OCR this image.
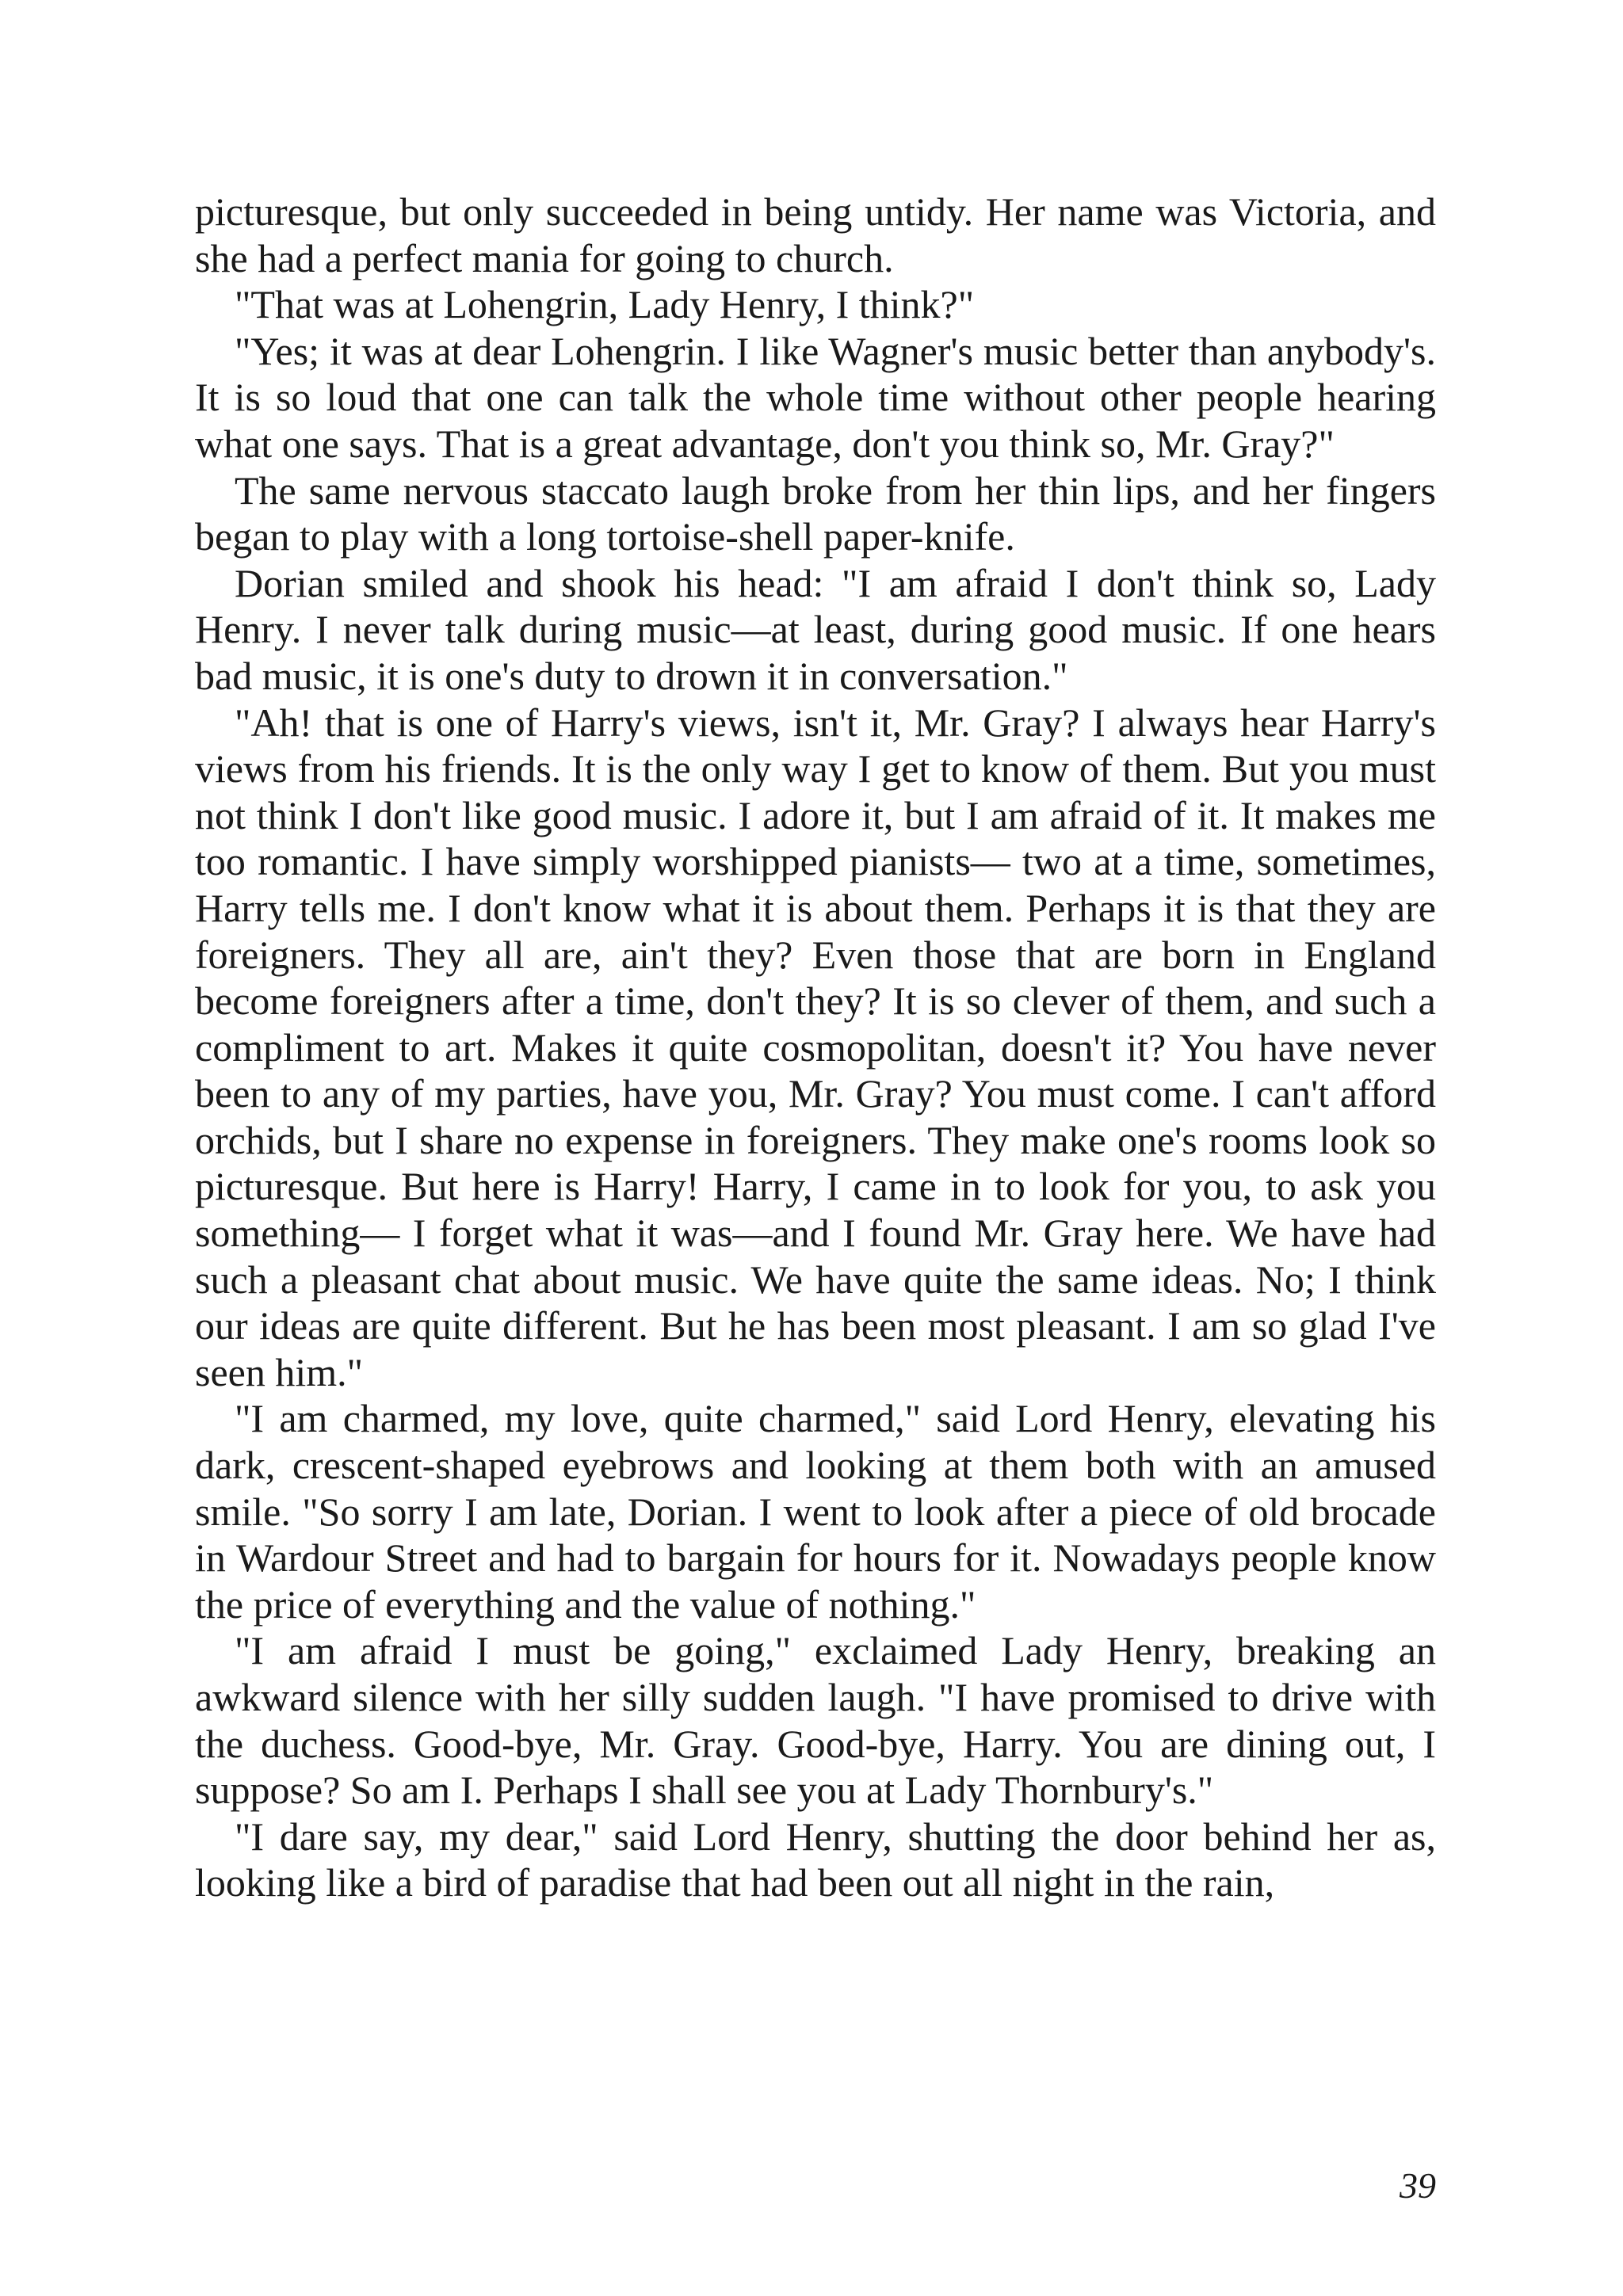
picturesque, but only succeeded in being untidy. Her name was Victoria, and she had a perfect mania for going to church.

"That was at Lohengrin, Lady Henry, I think?"

"Yes; it was at dear Lohengrin. I like Wagner's music better than anybody's. It is so loud that one can talk the whole time without other people hearing what one says. That is a great advantage, don't you think so, Mr. Gray?"

The same nervous staccato laugh broke from her thin lips, and her fingers began to play with a long tortoise-shell paper-knife.

Dorian smiled and shook his head: "I am afraid I don't think so, Lady Henry. I never talk during music—at least, during good music. If one hears bad music, it is one's duty to drown it in conversation."

"Ah! that is one of Harry's views, isn't it, Mr. Gray? I always hear Harry's views from his friends. It is the only way I get to know of them. But you must not think I don't like good music. I adore it, but I am afraid of it. It makes me too romantic. I have simply worshipped pianists— two at a time, sometimes, Harry tells me. I don't know what it is about them. Perhaps it is that they are foreigners. They all are, ain't they? Even those that are born in England become foreigners after a time, don't they? It is so clever of them, and such a compliment to art. Makes it quite cosmopolitan, doesn't it? You have never been to any of my parties, have you, Mr. Gray? You must come. I can't afford orchids, but I share no expense in foreigners. They make one's rooms look so picturesque. But here is Harry! Harry, I came in to look for you, to ask you something— I forget what it was—and I found Mr. Gray here. We have had such a pleasant chat about music. We have quite the same ideas. No; I think our ideas are quite different. But he has been most pleasant. I am so glad I've seen him."

"I am charmed, my love, quite charmed," said Lord Henry, elevating his dark, crescent-shaped eyebrows and looking at them both with an amused smile. "So sorry I am late, Dorian. I went to look after a piece of old brocade in Wardour Street and had to bargain for hours for it. Nowadays people know the price of everything and the value of nothing."

"I am afraid I must be going," exclaimed Lady Henry, breaking an awkward silence with her silly sudden laugh. "I have promised to drive with the duchess. Good-bye, Mr. Gray. Good-bye, Harry. You are dining out, I suppose? So am I. Perhaps I shall see you at Lady Thornbury's."

"I dare say, my dear," said Lord Henry, shutting the door behind her as, looking like a bird of paradise that had been out all night in the rain,

39
